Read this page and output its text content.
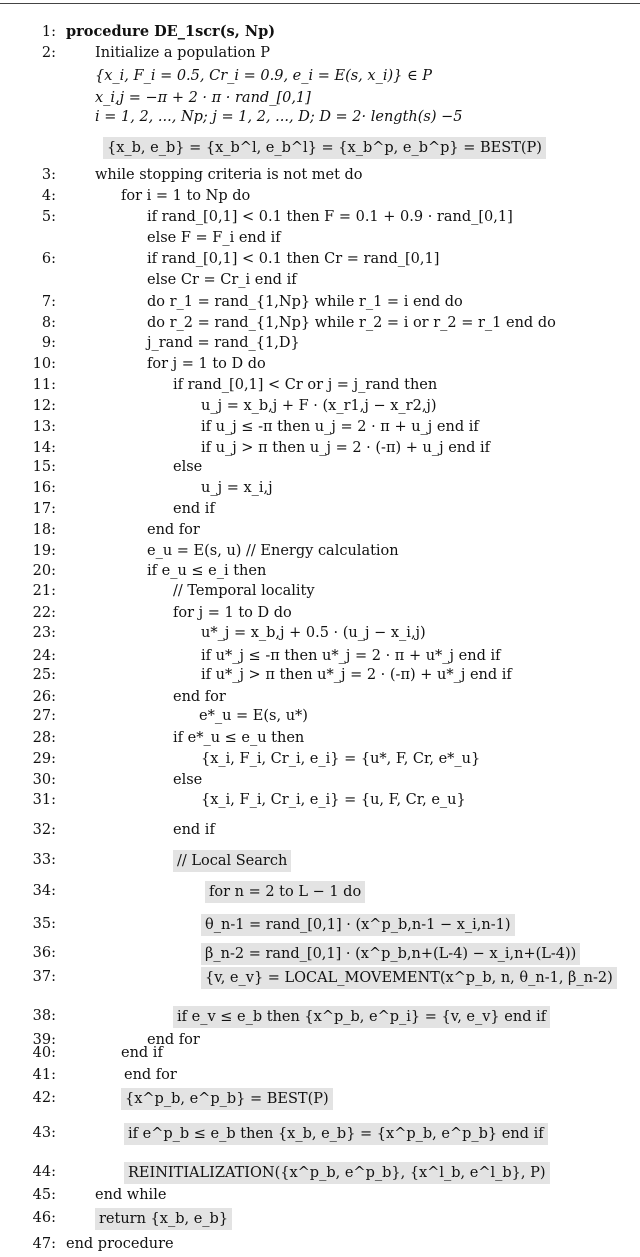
1: procedure DE_1scr(s, Np)
2:	Initialize a population P
{x_i, F_i = 0.5, Cr_i = 0.9, e_i = E(s, x_i)} ∈ P
x_i,j = −π + 2 · π · rand_[0,1]
i = 1, 2, ..., Np; j = 1, 2, ..., D; D = 2· length(s) −5
{x_b, e_b} = {x_b^l, e_b^l} = {x_b^p, e_b^p} = BEST(P)
3:	while stopping criteria is not met do
4:	for i = 1 to Np do
5:	if rand_[0,1] < 0.1 then F = 0.1 + 0.9 · rand_[0,1]
else F = F_i end if
6:	if rand_[0,1] < 0.1 then Cr = rand_[0,1]
else Cr = Cr_i end if
7:	do r_1 = rand_{1,Np} while r_1 = i end do
8:	do r_2 = rand_{1,Np} while r_2 = i or r_2 = r_1 end do
9:	j_rand = rand_{1,D}
10:	for j = 1 to D do
11:	if rand_[0,1] < Cr or j = j_rand then
12:	u_j = x_b,j + F · (x_r1,j − x_r2,j)
13:	if u_j ≤ -π then u_j = 2 · π + u_j end if
14:	if u_j > π then u_j = 2 · (-π) + u_j end if
15:	else
16:	u_j = x_i,j
17:	end if
18:	end for
19:	e_u = E(s, u) // Energy calculation
20:	if e_u ≤ e_i then
21:	// Temporal locality
22:	for j = 1 to D do
23:	u*_j = x_b,j + 0.5 · (u_j − x_i,j)
24:	if u*_j ≤ -π then u*_j = 2 · π + u*_j end if
25:	if u*_j > π then u*_j = 2 · (-π) + u*_j end if
26:	end for
27:	e*_u = E(s, u*)
28:	if e*_u ≤ e_u then
29:	{x_i, F_i, Cr_i, e_i} = {u*, F, Cr, e*_u}
30:	else
31:	{x_i, F_i, Cr_i, e_i} = {u, F, Cr, e_u}
32:	end if
33:	// Local Search
34:	for n = 2 to L − 1 do
35:	θ_n-1 = rand_[0,1] · (x^p_b,n-1 − x_i,n-1)
36:	β_n-2 = rand_[0,1] · (x^p_b,n+(L-4) − x_i,n+(L-4))
37:	{v, e_v} = LOCAL_MOVEMENT(x^p_b, n, θ_n-1, β_n-2)
38:	if e_v ≤ e_b then {x^p_b, e^p_i} = {v, e_v} end if
39:	end for
40:	end if
41:	end for
42:	{x^p_b, e^p_b} = BEST(P)
43:	if e^p_b ≤ e_b then {x_b, e_b} = {x^p_b, e^p_b} end if
44:	REINITIALIZATION({x^p_b, e^p_b}, {x^l_b, e^l_b}, P)
45:	end while
46:	return {x_b, e_b}
47: end procedure
